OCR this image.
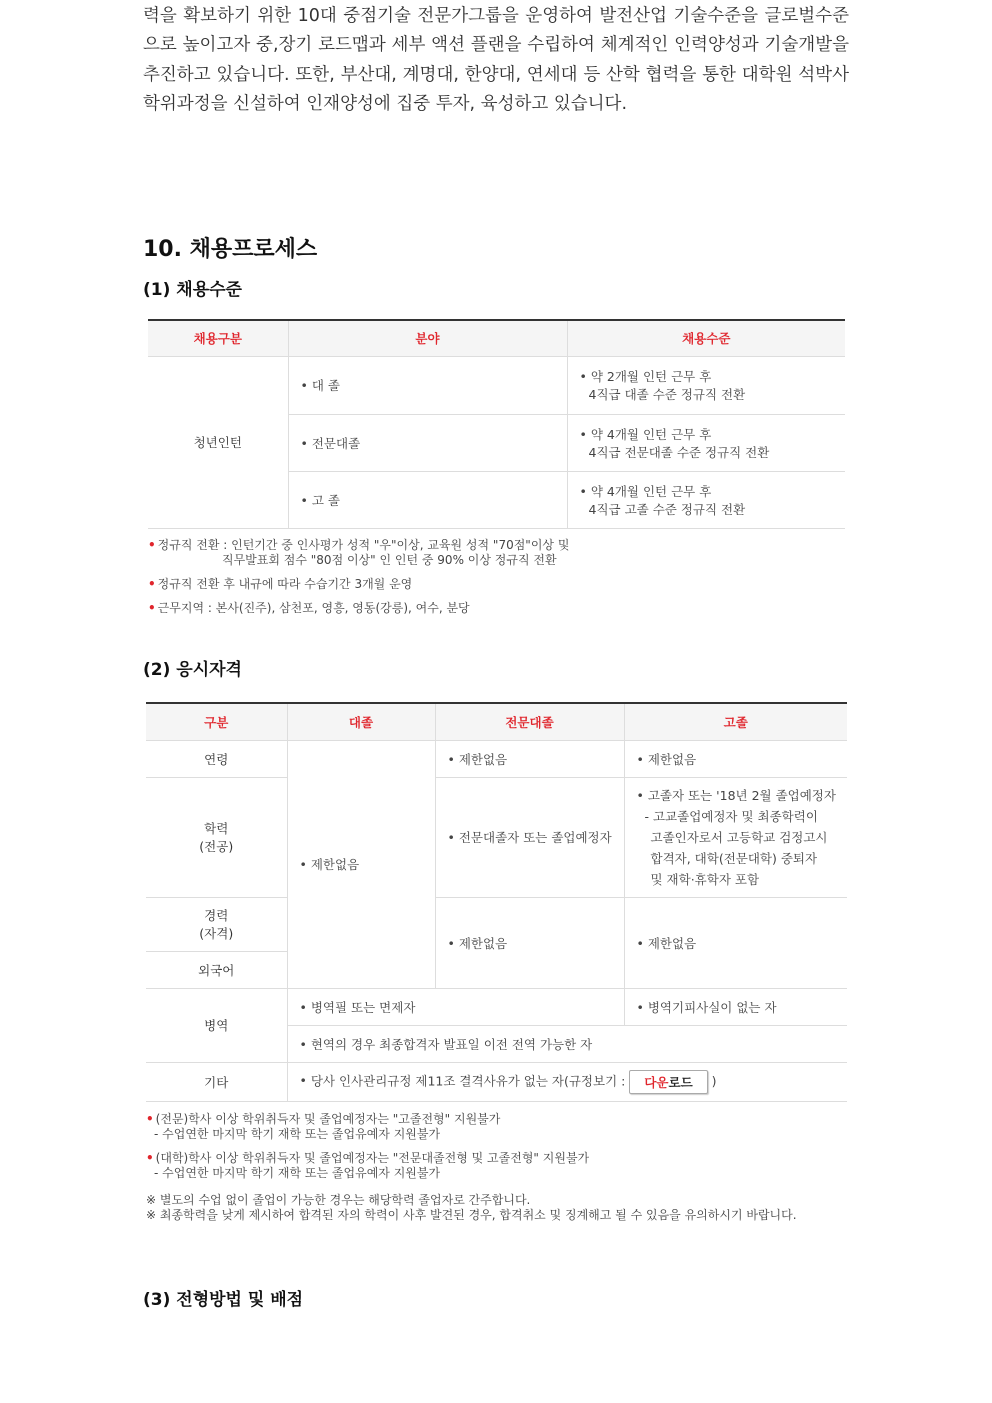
력을 확보하기 위한 10대 중점기술 전문가그룹을 운영하여 발전산업 기술수준을 글로벌수준으로 높이고자 중,장기 로드맵과 세부 액션 플랜을 수립하여 체계적인 인력양성과 기술개발을 추진하고 있습니다. 또한, 부산대, 계명대, 한양대, 연세대 등 산학 협력을 통한 대학원 석박사 학위과정을 신설하여 인재양성에 집중 투자, 육성하고 있습니다.

10. 채용프로세스
(1) 채용수준
채용구분	분야	채용수준
청년인턴	• 대 졸	• 약 2개월 인턴 근무 후
4직급 대졸 수준 정규직 전환

	• 전문대졸	• 약 4개월 인턴 근무 후
4직급 전문대졸 수준 정규직 전환

	• 고 졸	• 약 4개월 인턴 근무 후
4직급 고졸 수준 정규직 전환
• 정규직 전환 : 인턴기간 중 인사평가 성적 "우"이상, 교육원 성적 "70점"이상 및
직무발표회 점수 "80점 이상" 인 인턴 중 90% 이상 정규직 전환
• 정규직 전환 후 내규에 따라 수습기간 3개월 운영
• 근무지역 : 본사(진주), 삼천포, 영흥, 영동(강릉), 여수, 분당
(2) 응시자격
구분	대졸	전문대졸	고졸
연령	• 제한없음	• 제한없음	• 제한없음
학력
(전공)		• 전문대졸자 또는 졸업예정자	• 고졸자 또는 '18년 2월 졸업예정자
- 고교졸업예정자 및 최종학력이
고졸인자로서 고등학교 검정고시
합격자, 대학(전문대학) 중퇴자
및 재학·휴학자 포함
경력
(자격)		• 제한없음	• 제한없음
외국어			
병역	• 병역필 또는 면제자		• 병역기피사실이 없는 자
	• 현역의 경우 최종합격자 발표일 이전 전역 가능한 자
기타	• 당사 인사관리규정 제11조 결격사유가 없는 자(규정보기 : 다운로드 )
• (전문)학사 이상 학위취득자 및 졸업예정자는 "고졸전형" 지원불가
- 수업연한 마지막 학기 재학 또는 졸업유예자 지원불가
• (대학)학사 이상 학위취득자 및 졸업예정자는 "전문대졸전형 및 고졸전형" 지원불가
- 수업연한 마지막 학기 재학 또는 졸업유예자 지원불가
※ 별도의 수업 없이 졸업이 가능한 경우는 해당학력 졸업자로 간주합니다.
※ 최종학력을 낮게 제시하여 합격된 자의 학력이 사후 발견된 경우, 합격취소 및 징계해고 될 수 있음을 유의하시기 바랍니다.
(3) 전형방법 및 배점
